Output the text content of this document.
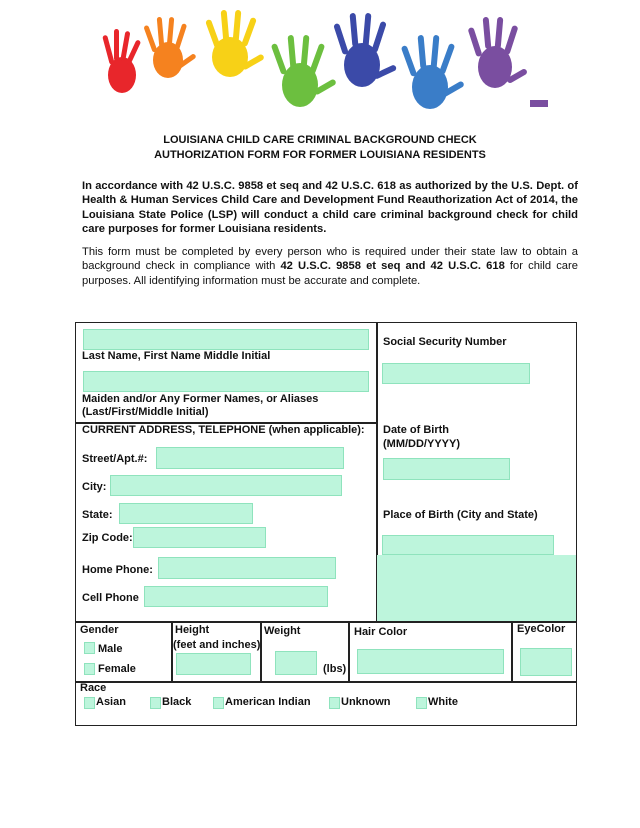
LOUISIANA CHILD CARE CRIMINAL BACKGROUND CHECK
AUTHORIZATION FORM FOR FORMER LOUISIANA RESIDENTS
In accordance with 42 U.S.C. 9858 et seq and 42 U.S.C. 618 as authorized by the U.S. Dept. of Health & Human Services Child Care and Development Fund Reauthorization Act of 2014, the Louisiana State Police (LSP) will conduct a child care criminal background check for child care purposes for former Louisiana residents.
This form must be completed by every person who is required under their state law to obtain a background check in compliance with 42 U.S.C. 9858 et seq and 42 U.S.C. 618 for child care purposes. All identifying information must be accurate and complete.
Last Name, First Name Middle Initial
Social Security Number
Maiden and/or Any Former Names, or Aliases
(Last/First/Middle Initial)
CURRENT ADDRESS, TELEPHONE (when applicable):
Street/Apt.#:
City:
State:
Zip Code:
Home Phone:
Cell Phone
Date of Birth
(MM/DD/YYYY)
Place of Birth (City and State)
Gender
Male
Female
Height
(feet and inches)
Weight
(lbs)
Hair Color	EyeColor
Race
Asian	Black	American Indian	Unknown	White
